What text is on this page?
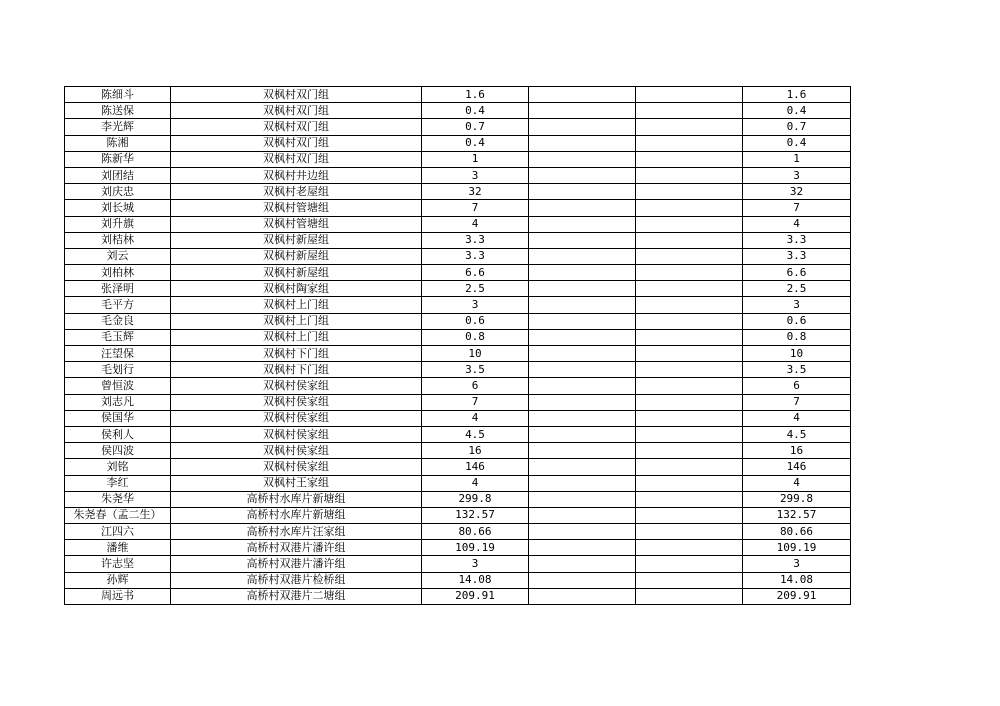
陈细斗	双枫村双门组	1.6			1.6
陈送保	双枫村双门组	0.4			0.4
李光辉	双枫村双门组	0.7			0.7
陈湘	双枫村双门组	0.4			0.4
陈新华	双枫村双门组	1			1
刘团结	双枫村井边组	3			3
刘庆忠	双枫村老屋组	32			32
刘长城	双枫村管塘组	7			7
刘升旗	双枫村管塘组	4			4
刘桔林	双枫村新屋组	3.3			3.3
刘云	双枫村新屋组	3.3			3.3
刘柏林	双枫村新屋组	6.6			6.6
张泽明	双枫村陶家组	2.5			2.5
毛平方	双枫村上门组	3			3
毛金良	双枫村上门组	0.6			0.6
毛玉辉	双枫村上门组	0.8			0.8
汪望保	双枫村下门组	10			10
毛划行	双枫村下门组	3.5			3.5
曾恒波	双枫村侯家组	6			6
刘志凡	双枫村侯家组	7			7
侯国华	双枫村侯家组	4			4
侯利人	双枫村侯家组	4.5			4.5
侯四波	双枫村侯家组	16			16
刘铭	双枫村侯家组	146			146
李红	双枫村王家组	4			4
朱尧华	高桥村水库片新塘组	299.8			299.8
朱尧春（孟二生）	高桥村水库片新塘组	132.57			132.57
江四六	高桥村水库片汪家组	80.66			80.66
潘维	高桥村双港片潘许组	109.19			109.19
许志坚	高桥村双港片潘许组	3			3
孙辉	高桥村双港片检桥组	14.08			14.08
周远书	高桥村双港片二塘组	209.91			209.91
